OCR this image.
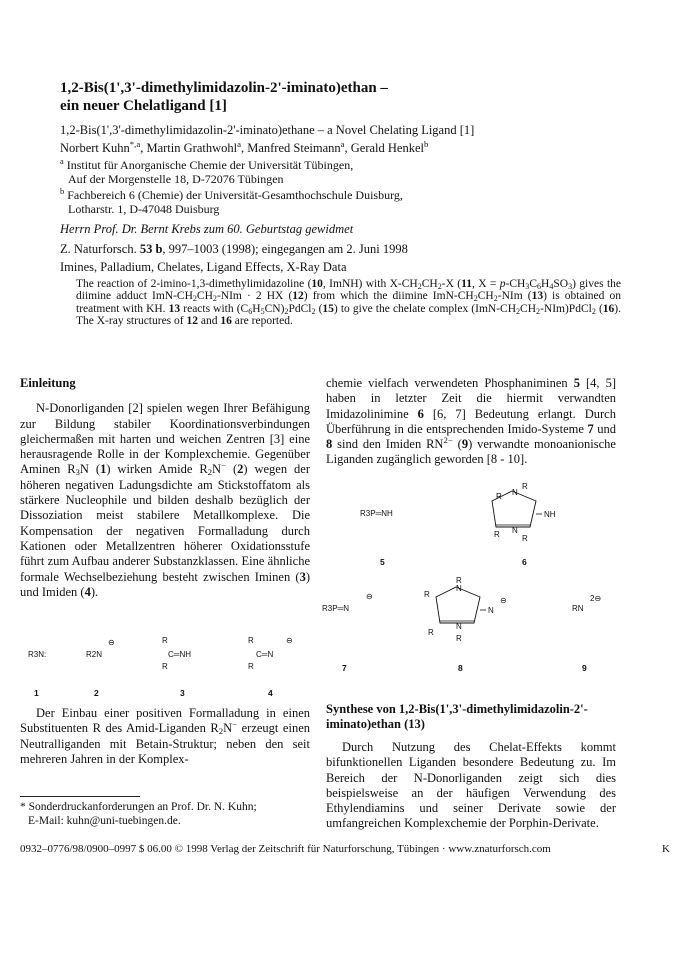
1,2-Bis(1',3'-dimethylimidazolin-2'-iminato)ethan –
ein neuer Chelatligand [1]
1,2-Bis(1',3'-dimethylimidazolin-2'-iminato)ethane – a Novel Chelating Ligand [1]
Norbert Kuhn$^{*,a}$, Martin Grathwohl$^a$, Manfred Steimann$^a$, Gerald Henkel$^b$
$^a$ Institut für Anorganische Chemie der Universität Tübingen,
Auf der Morgenstelle 18, D-72076 Tübingen
$^b$ Fachbereich 6 (Chemie) der Universität-Gesamthochschule Duisburg,
Lotharstr. 1, D-47048 Duisburg
Herrn Prof. Dr. Bernt Krebs zum 60. Geburtstag gewidmet
Z. Naturforsch. 53 b, 997–1003 (1998); eingegangen am 2. Juni 1998
Imines, Palladium, Chelates, Ligand Effects, X-Ray Data
The reaction of 2-imino-1,3-dimethylimidazoline (10, ImNH) with $X-CH_2CH_2-X$ (11, $X = p-CH_3C_6H_4SO_3$) gives the diimine adduct ImN-$CH_2CH_2$-NIm · 2 HX (12) from which the diimine ImN-$CH_2CH_2$-NIm (13) is obtained on treatment with KH. 13 reacts with $(C_6H_5CN)_2PdCl_2$ (15) to give the chelate complex $(ImN-CH_2CH_2-NIm)PdCl_2$ (16). The X-ray structures of 12 and 16 are reported.
Einleitung

N-Donorliganden [2] spielen wegen Ihrer Befähigung zur Bildung stabiler Koordinationsverbindungen gleichermaßen mit harten und weichen Zentren [3] eine herausragende Rolle in der Komplexchemie. Gegenüber Aminen $R_3N$ (1) wirken Amide $R_2N^-$ (2) wegen der höheren negativen Ladungsdichte am Stickstoffatom als stärkere Nucleophile und bilden deshalb bezüglich der Dissoziation meist stabilere Metallkomplexe. Die Kompensation der negativen Formalladung durch Kationen oder Metallzentren höherer Oxidationsstufe führt zum Aufbau anderer Substanzklassen. Eine ähnliche formale Wechselbeziehung besteht zwischen Iminen (3) und Imiden (4).

R3N:	R2N
⊖	R
C═NH
R
R
C═N
R
⊖
1	2	3	4

Der Einbau einer positiven Formalladung in einen Substituenten R des Amid-Liganden $R_2N^-$ erzeugt einen Neutralliganden mit Betain-Struktur; neben den seit mehreren Jahren in der Komplex-

* Sonderdruckanforderungen an Prof. Dr. N. Kuhn;
E-Mail: kuhn@uni-tuebingen.de.

chemie vielfach verwendeten Phosphaniminen 5 [4, 5] haben in letzter Zeit die hiermit verwandten Imidazolinimine 6 [6, 7] Bedeutung erlangt. Durch Überführung in die entsprechenden Imido-Systeme 7 und 8 sind den Imiden $RN^{2-}$ (9) verwandte monoanionische Liganden zugänglich geworden [8 - 10].

R3P═NH
R
R
R
N
N
NH
R
R3P═N
⊖
R
R
R
N
N
N
⊖
R
RN
2⊖
5	6
7	8	9
Synthese von 1,2-Bis(1',3'-dimethylimidazolin-2'-iminato)ethan (13)

Durch Nutzung des Chelat-Effekts kommt bifunktionellen Liganden besondere Bedeutung zu. Im Bereich der N-Donorliganden zeigt sich dies beispielsweise an der häufigen Verwendung des Ethylendiamins und seiner Derivate sowie der umfangreichen Komplexchemie der Porphin-Derivate.

0932–0776/98/0900–0997 $ 06.00 © 1998 Verlag der Zeitschrift für Naturforschung, Tübingen · www.znaturforsch.com	K
